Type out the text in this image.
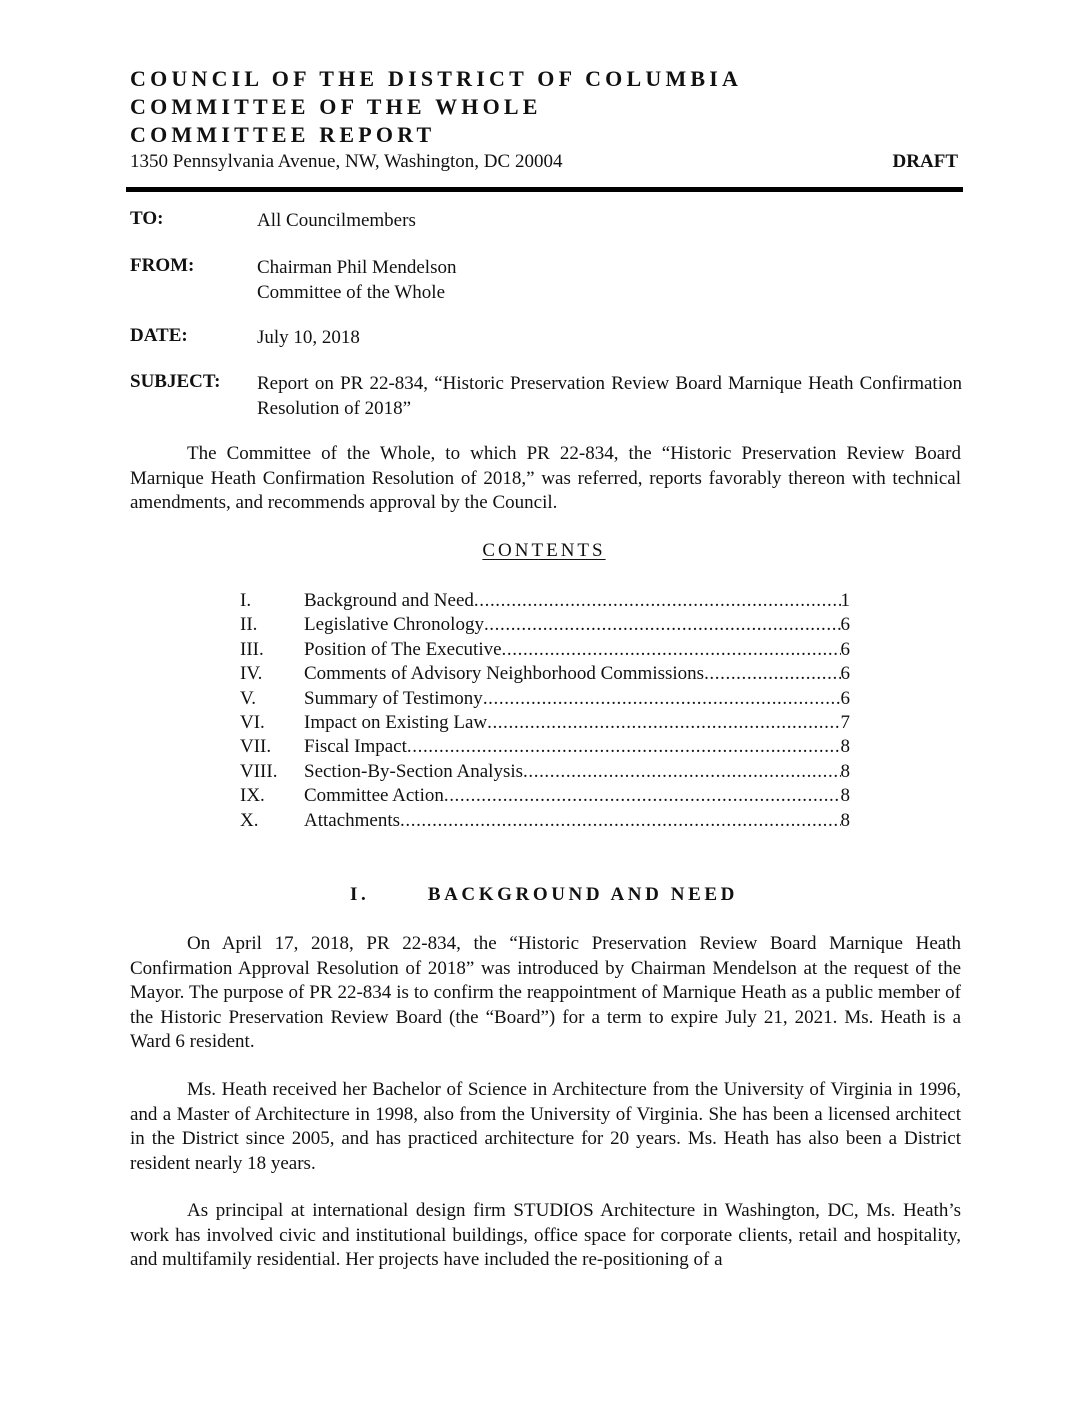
COUNCIL OF THE DISTRICT OF COLUMBIA
COMMITTEE OF THE WHOLE
COMMITTEE REPORT
1350 Pennsylvania Avenue, NW, Washington, DC 20004	DRAFT
TO:	All Councilmembers
FROM:	Chairman Phil Mendelson
Committee of the Whole
DATE:	July 10, 2018
SUBJECT: Report on PR 22-834, “Historic Preservation Review Board Marnique Heath Confirmation Resolution of 2018”
The Committee of the Whole, to which PR 22-834, the “Historic Preservation Review Board Marnique Heath Confirmation Resolution of 2018,” was referred, reports favorably thereon with technical amendments, and recommends approval by the Council.
CONTENTS
I.	Background and Need .....	1
II. Legislative Chronology .....	6
III. Position of The Executive .....	6
IV. Comments of Advisory Neighborhood Commissions .....	6
V.	Summary of Testimony .....	6
VI. Impact on Existing Law .....	7
VII. Fiscal Impact .....	8
VIII. Section-By-Section Analysis .....	8
IX. Committee Action .....	8
X. Attachments .....	8
I.       BACKGROUND AND NEED
On April 17, 2018, PR 22-834, the “Historic Preservation Review Board Marnique Heath Confirmation Approval Resolution of 2018” was introduced by Chairman Mendelson at the request of the Mayor. The purpose of PR 22-834 is to confirm the reappointment of Marnique Heath as a public member of the Historic Preservation Review Board (the “Board”) for a term to expire July 21, 2021. Ms. Heath is a Ward 6 resident.
Ms. Heath received her Bachelor of Science in Architecture from the University of Virginia in 1996, and a Master of Architecture in 1998, also from the University of Virginia. She has been a licensed architect in the District since 2005, and has practiced architecture for 20 years. Ms. Heath has also been a District resident nearly 18 years.
As principal at international design firm STUDIOS Architecture in Washington, DC, Ms. Heath’s work has involved civic and institutional buildings, office space for corporate clients, retail and hospitality, and multifamily residential. Her projects have included the re-positioning of a
